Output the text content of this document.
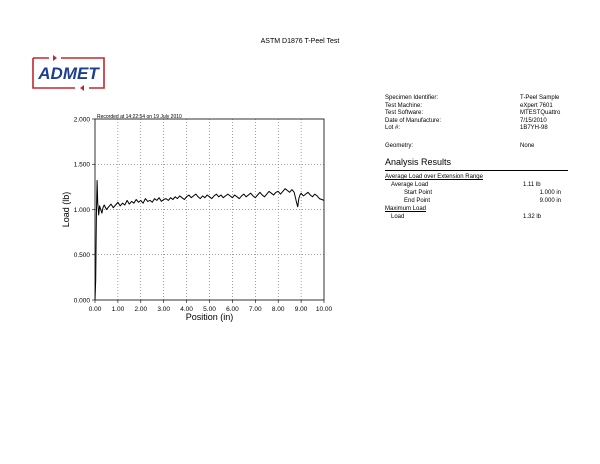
ASTM D1876 T-Peel Test
ADMET
0.00 1.00 2.00 3.00 4.00 5.00 6.00 7.00 8.00 9.00 10.00
0.000
0.500
1.000
1.500
2.000
Position (in)
Load (lb)
Recorded at 14:22:54 on 19 July 2010
Specimen Identifier:	T-Peel Sample
Test Machine:	eXpert 7601
Test Software:	MTESTQuattro
Date of Manufacture:	7/15/2010
Lot #:	1B7YH-98
Geometry:	None
Analysis Results
Average Load over Extension Range
Average Load	1.11 lb
Start Point	1.000 in
End Point	9.000 in
Maximum Load
Load	1.32 lb
